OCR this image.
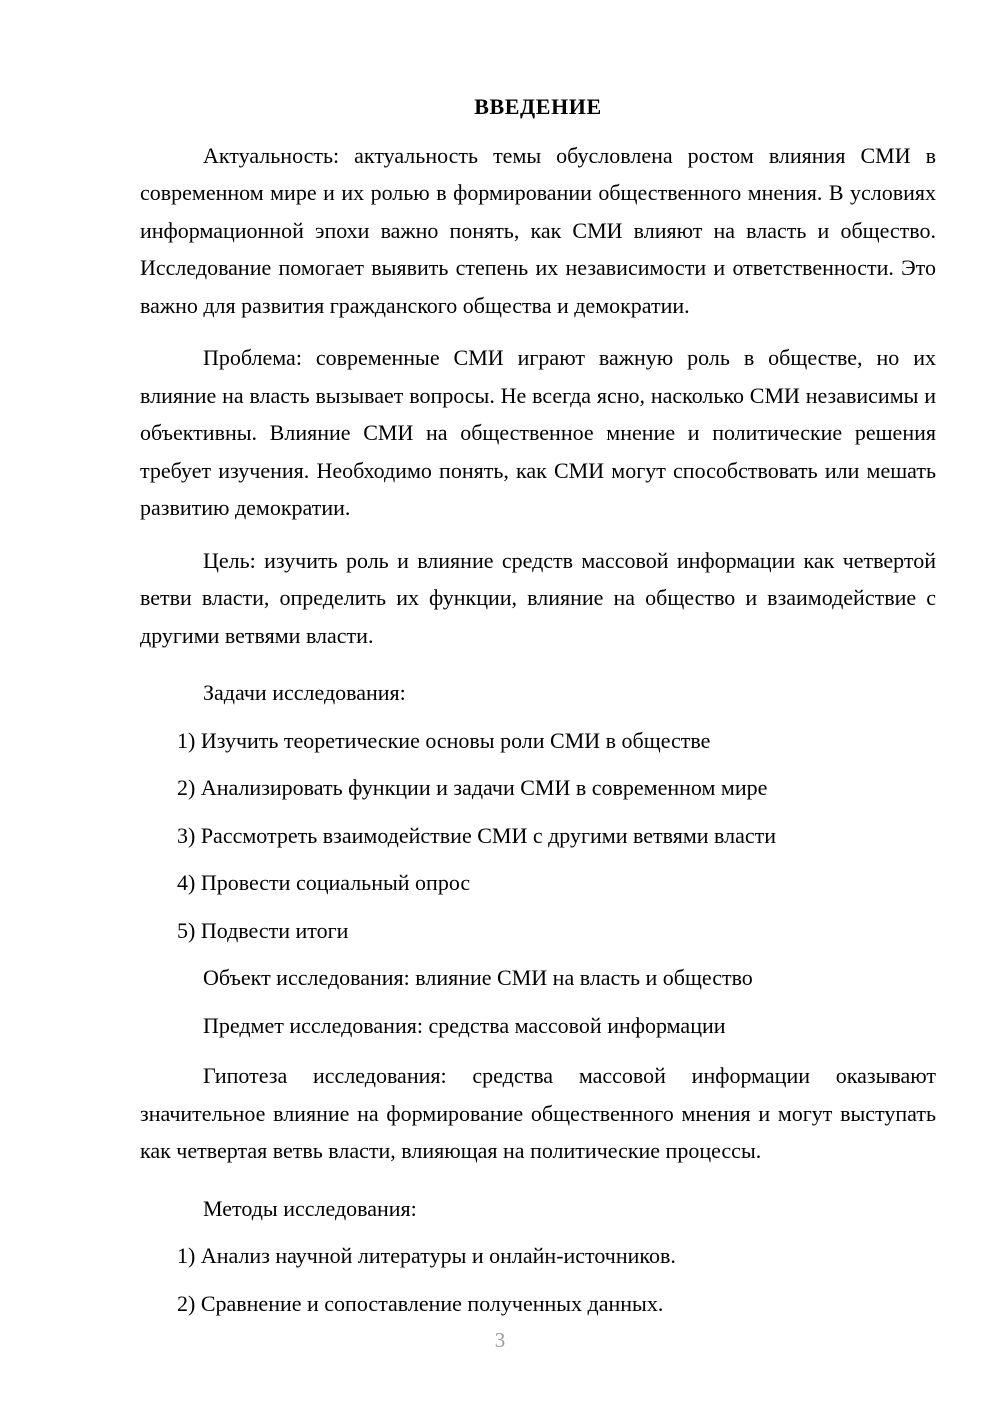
ВВЕДЕНИЕ

Актуальность: актуальность темы обусловлена ростом влияния СМИ в современном мире и их ролью в формировании общественного мнения. В условиях информационной эпохи важно понять, как СМИ влияют на власть и общество. Исследование помогает выявить степень их независимости и ответственности. Это важно для развития гражданского общества и демократии.

Проблема: современные СМИ играют важную роль в обществе, но их влияние на власть вызывает вопросы. Не всегда ясно, насколько СМИ независимы и объективны. Влияние СМИ на общественное мнение и политические решения требует изучения. Необходимо понять, как СМИ могут способствовать или мешать развитию демократии.

Цель: изучить роль и влияние средств массовой информации как четвертой ветви власти, определить их функции, влияние на общество и взаимодействие с другими ветвями власти.

Задачи исследования:

1) Изучить теоретические основы роли СМИ в обществе
2) Анализировать функции и задачи СМИ в современном мире
3) Рассмотреть взаимодействие СМИ с другими ветвями власти
4) Провести социальный опрос
5) Подвести итоги

Объект исследования: влияние СМИ на власть и общество

Предмет исследования: средства массовой информации

Гипотеза исследования: средства массовой информации оказывают значительное влияние на формирование общественного мнения и могут выступать как четвертая ветвь власти, влияющая на политические процессы.

Методы исследования:

1) Анализ научной литературы и онлайн-источников.
2) Сравнение и сопоставление полученных данных.
3
